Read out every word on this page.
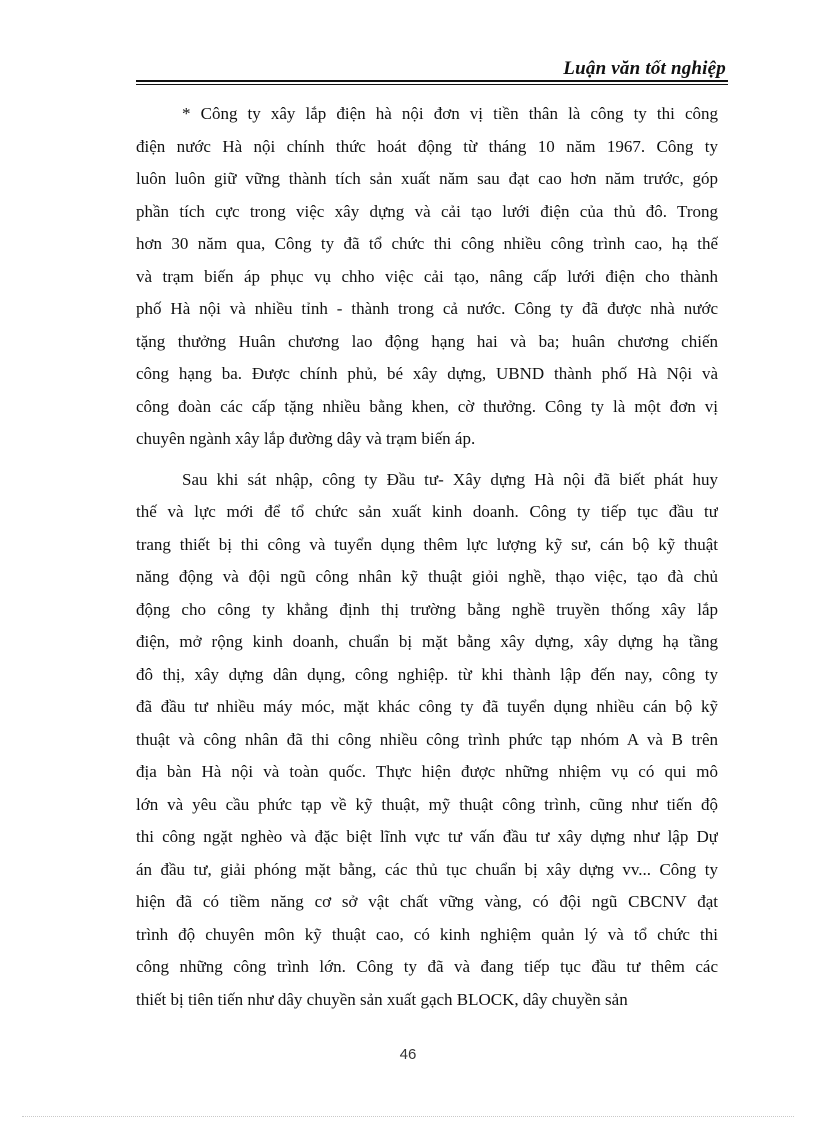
Luận văn tốt nghiệp
* Công ty xây lắp điện hà nội đơn vị tiền thân là công ty thi công
điện nước Hà nội chính thức hoát động từ tháng 10 năm 1967. Công ty
luôn luôn giữ vững thành tích sản xuất năm sau đạt cao hơn năm trước, góp
phần tích cực trong việc xây dựng và cải tạo lưới điện của thủ đô. Trong
hơn 30 năm qua, Công ty đã tổ chức thi công nhiều công trình cao, hạ thế
và trạm biến áp phục vụ chho việc cải tạo, nâng cấp lưới điện cho thành
phố Hà nội và nhiều tỉnh - thành trong cả nước. Công ty đã được nhà nước
tặng thưởng Huân chương lao động hạng hai và ba; huân chương chiến
công hạng ba. Được chính phủ, bé xây dựng, UBND thành phố Hà Nội và
công đoàn các cấp tặng nhiều bằng khen, cờ thưởng. Công ty là một đơn vị
chuyên ngành xây lắp đường dây và trạm biến áp.
Sau khi sát nhập, công ty Đầu tư- Xây dựng Hà nội đã biết phát huy
thế và lực mới để tổ chức sản xuất kinh doanh. Công ty tiếp tục đầu tư
trang thiết bị thi công và tuyển dụng thêm lực lượng kỹ sư, cán bộ kỹ thuật
năng động và đội ngũ công nhân kỹ thuật giỏi nghề, thạo việc, tạo đà chủ
động cho công ty khẳng định thị trường bằng nghề truyền thống xây lắp
điện, mở rộng kinh doanh, chuẩn bị mặt bằng xây dựng, xây dựng hạ tầng
đô thị, xây dựng dân dụng, công nghiệp. từ khi thành lập đến nay, công ty
đã đầu tư nhiều máy móc, mặt khác công ty đã tuyển dụng nhiều cán bộ kỹ
thuật và công nhân đã thi công nhiều công trình phức tạp nhóm A và B trên
địa bàn Hà nội và toàn quốc. Thực hiện được những nhiệm vụ có qui mô
lớn và yêu cầu phức tạp về kỹ thuật, mỹ thuật công trình, cũng như tiến độ
thi công ngặt nghèo và đặc biệt lĩnh vực tư vấn đầu tư xây dựng như lập Dự
án đầu tư, giải phóng mặt bằng, các thủ tục chuẩn bị xây dựng vv... Công ty
hiện đã có tiềm năng cơ sở vật chất vững vàng, có đội ngũ CBCNV đạt
trình độ chuyên môn kỹ thuật cao, có kinh nghiệm quản lý và tổ chức thi
công những công trình lớn. Công ty đã và đang tiếp tục đầu tư thêm các
thiết bị tiên tiến như dây chuyền sản xuất gạch BLOCK, dây chuyền sản
46
